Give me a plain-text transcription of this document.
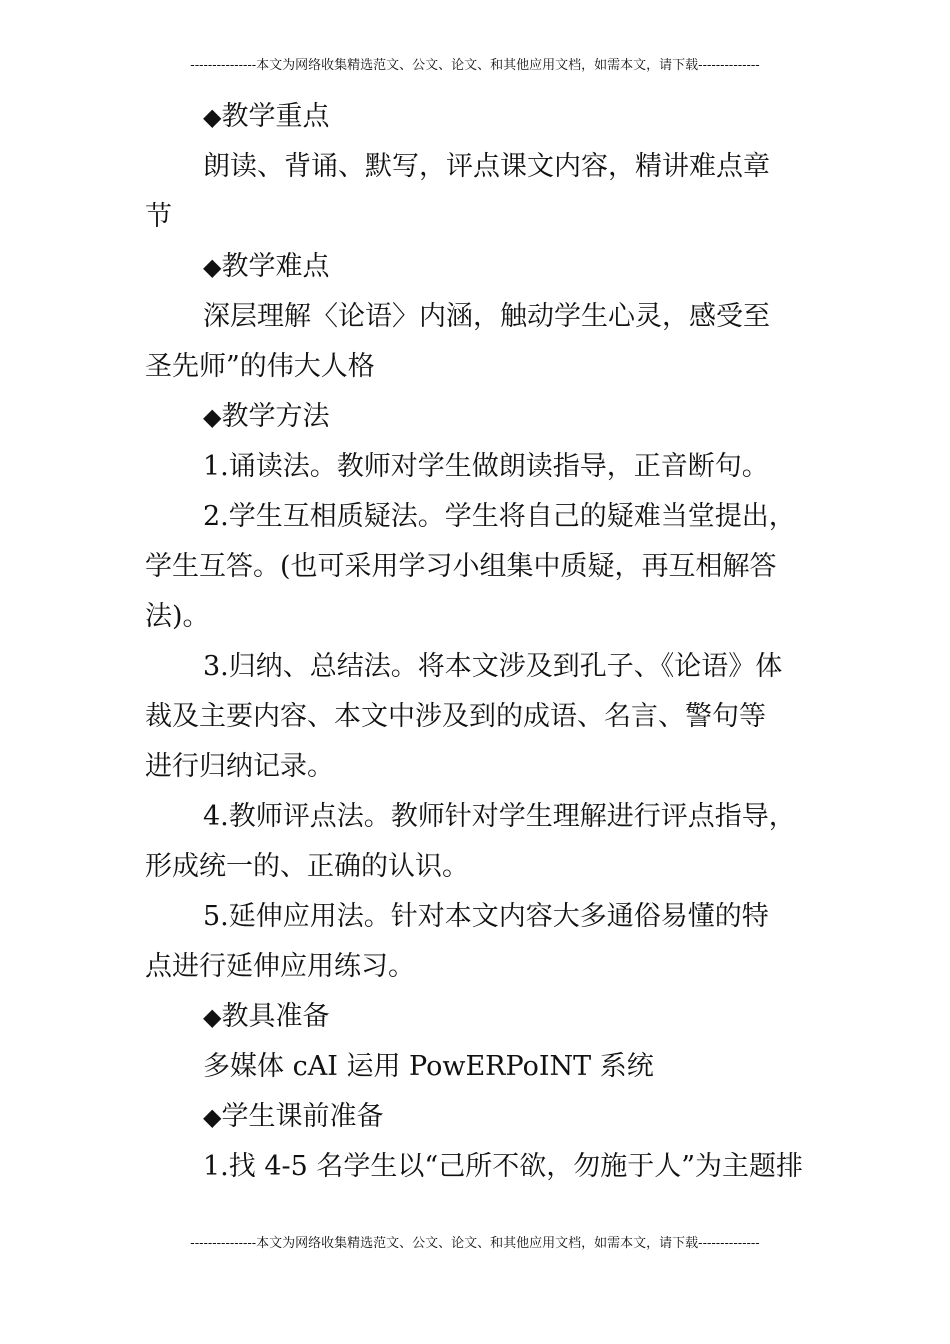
---------------本文为网络收集精选范文、公文、论文、和其他应用文档，如需本文，请下载--------------
◆教学重点
朗读、背诵、默写，评点课文内容，精讲难点章
节
◆教学难点
深层理解〈论语〉内涵，触动学生心灵，感受至
圣先师”的伟大人格
◆教学方法
1.诵读法。教师对学生做朗读指导，正音断句。
2.学生互相质疑法。学生将自己的疑难当堂提出，
学生互答。(也可采用学习小组集中质疑，再互相解答
法)。
3.归纳、总结法。将本文涉及到孔子、《论语》体
裁及主要内容、本文中涉及到的成语、名言、警句等
进行归纳记录。
4.教师评点法。教师针对学生理解进行评点指导，
形成统一的、正确的认识。
5.延伸应用法。针对本文内容大多通俗易懂的特
点进行延伸应用练习。
◆教具准备
多媒体 cAI 运用 PowERPoINT 系统
◆学生课前准备
1.找 4-5 名学生以“己所不欲，勿施于人”为主题排
---------------本文为网络收集精选范文、公文、论文、和其他应用文档，如需本文，请下载--------------
